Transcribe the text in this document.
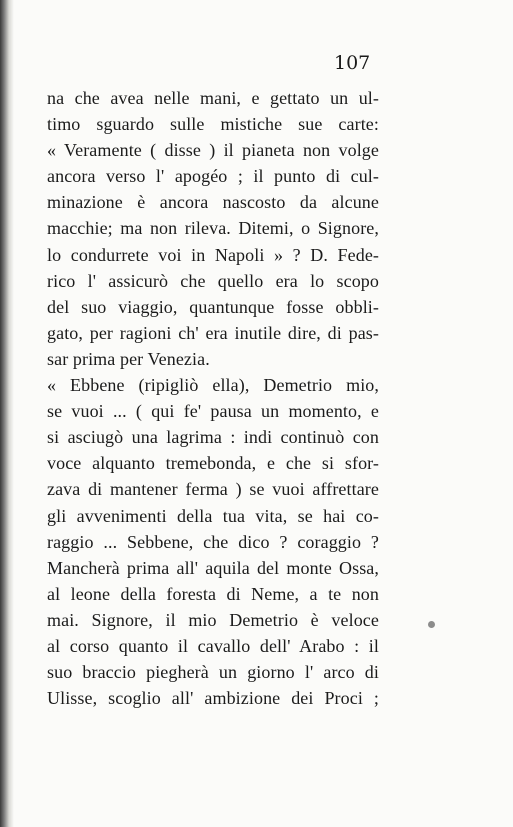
107
na che avea nelle mani, e gettato un ul-
timo sguardo sulle mistiche sue carte:
« Veramente ( disse ) il pianeta non volge
ancora verso l' apogéo ; il punto di cul-
minazione è ancora nascosto da alcune
macchie; ma non rileva. Ditemi, o Signore,
lo condurrete voi in Napoli » ? D. Fede-
rico l' assicurò che quello era lo scopo
del suo viaggio, quantunque fosse obbli-
gato, per ragioni ch' era inutile dire, di pas-
sar prima per Venezia.
« Ebbene (ripigliò ella), Demetrio mio,
se vuoi ... ( qui fe' pausa un momento, e
si asciugò una lagrima : indi continuò con
voce alquanto tremebonda, e che si sfor-
zava di mantener ferma ) se vuoi affrettare
gli avvenimenti della tua vita, se hai co-
raggio ... Sebbene, che dico ? coraggio ?
Mancherà prima all' aquila del monte Ossa,
al leone della foresta di Neme, a te non
mai. Signore, il mio Demetrio è veloce
al corso quanto il cavallo dell' Arabo : il
suo braccio piegherà un giorno l' arco di
Ulisse, scoglio all' ambizione dei Proci ;
